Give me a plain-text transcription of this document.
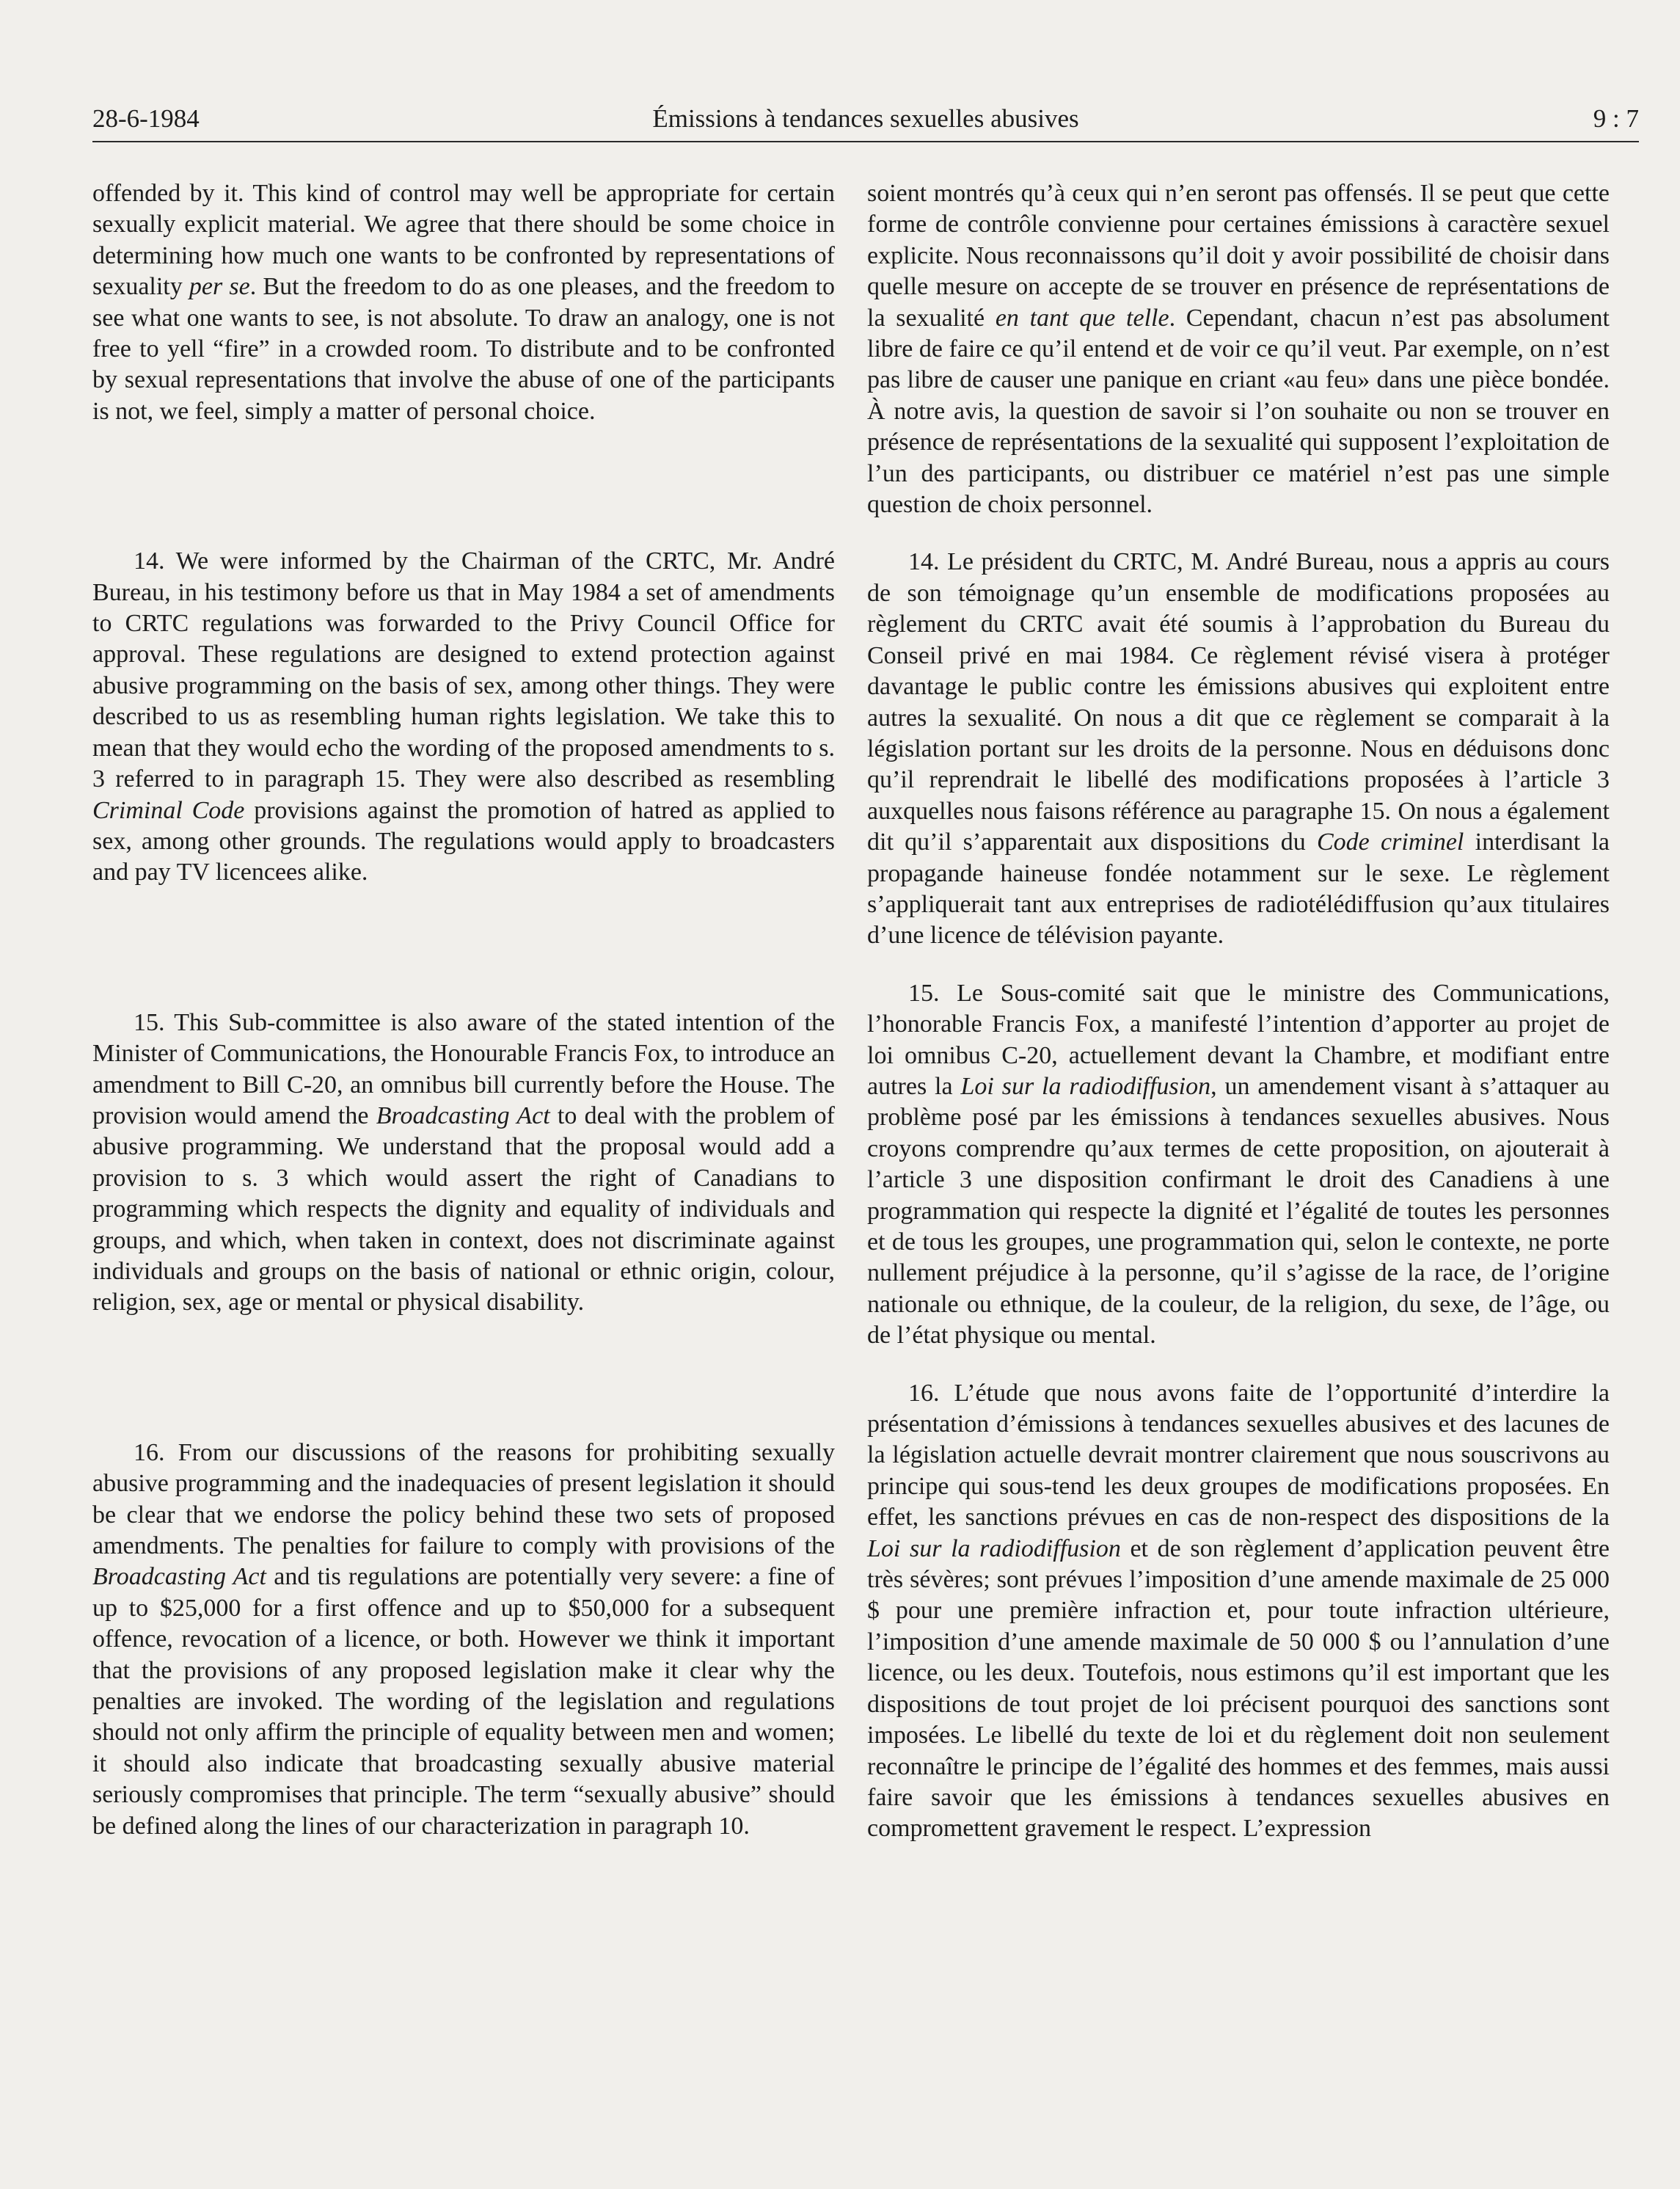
28-6-1984	Émissions à tendances sexuelles abusives	9 : 7

offended by it. This kind of control may well be appropriate for certain sexually explicit material. We agree that there should be some choice in determining how much one wants to be confronted by representations of sexuality per se. But the freedom to do as one pleases, and the freedom to see what one wants to see, is not absolute. To draw an analogy, one is not free to yell “fire” in a crowded room. To distribute and to be confronted by sexual representations that involve the abuse of one of the participants is not, we feel, simply a matter of personal choice.

14. We were informed by the Chairman of the CRTC, Mr. André Bureau, in his testimony before us that in May 1984 a set of amendments to CRTC regulations was forwarded to the Privy Council Office for approval. These regulations are designed to extend protection against abusive programming on the basis of sex, among other things. They were described to us as resembling human rights legislation. We take this to mean that they would echo the wording of the proposed amendments to s. 3 referred to in paragraph 15. They were also described as resembling Criminal Code provisions against the promotion of hatred as applied to sex, among other grounds. The regulations would apply to broadcasters and pay TV licencees alike.

15. This Sub-committee is also aware of the stated intention of the Minister of Communications, the Honourable Francis Fox, to introduce an amendment to Bill C-20, an omnibus bill currently before the House. The provision would amend the Broadcasting Act to deal with the problem of abusive programming. We understand that the proposal would add a provision to s. 3 which would assert the right of Canadians to programming which respects the dignity and equality of individuals and groups, and which, when taken in context, does not discriminate against individuals and groups on the basis of national or ethnic origin, colour, religion, sex, age or mental or physical disability.

16. From our discussions of the reasons for prohibiting sexually abusive programming and the inadequacies of present legislation it should be clear that we endorse the policy behind these two sets of proposed amendments. The penalties for failure to comply with provisions of the Broadcasting Act and tis regulations are potentially very severe: a fine of up to $25,000 for a first offence and up to $50,000 for a subsequent offence, revocation of a licence, or both. However we think it important that the provisions of any proposed legislation make it clear why the penalties are invoked. The wording of the legislation and regulations should not only affirm the principle of equality between men and women; it should also indicate that broadcasting sexually abusive material seriously compromises that principle. The term “sexually abusive” should be defined along the lines of our characterization in paragraph 10.

soient montrés qu’à ceux qui n’en seront pas offensés. Il se peut que cette forme de contrôle convienne pour certaines émissions à caractère sexuel explicite. Nous reconnaissons qu’il doit y avoir possibilité de choisir dans quelle mesure on accepte de se trouver en présence de représentations de la sexualité en tant que telle. Cependant, chacun n’est pas absolument libre de faire ce qu’il entend et de voir ce qu’il veut. Par exemple, on n’est pas libre de causer une panique en criant «au feu» dans une pièce bondée. À notre avis, la question de savoir si l’on souhaite ou non se trouver en présence de représentations de la sexualité qui supposent l’exploitation de l’un des participants, ou distribuer ce matériel n’est pas une simple question de choix personnel.

14. Le président du CRTC, M. André Bureau, nous a appris au cours de son témoignage qu’un ensemble de modifications proposées au règlement du CRTC avait été soumis à l’approbation du Bureau du Conseil privé en mai 1984. Ce règlement révisé visera à protéger davantage le public contre les émissions abusives qui exploitent entre autres la sexualité. On nous a dit que ce règlement se comparait à la législation portant sur les droits de la personne. Nous en déduisons donc qu’il reprendrait le libellé des modifications proposées à l’article 3 auxquelles nous faisons référence au paragraphe 15. On nous a également dit qu’il s’apparentait aux dispositions du Code criminel interdisant la propagande haineuse fondée notamment sur le sexe. Le règlement s’appliquerait tant aux entreprises de radiotélédiffusion qu’aux titulaires d’une licence de télévision payante.

15. Le Sous-comité sait que le ministre des Communications, l’honorable Francis Fox, a manifesté l’intention d’apporter au projet de loi omnibus C-20, actuellement devant la Chambre, et modifiant entre autres la Loi sur la radiodiffusion, un amendement visant à s’attaquer au problème posé par les émissions à tendances sexuelles abusives. Nous croyons comprendre qu’aux termes de cette proposition, on ajouterait à l’article 3 une disposition confirmant le droit des Canadiens à une programmation qui respecte la dignité et l’égalité de toutes les personnes et de tous les groupes, une programmation qui, selon le contexte, ne porte nullement préjudice à la personne, qu’il s’agisse de la race, de l’origine nationale ou ethnique, de la couleur, de la religion, du sexe, de l’âge, ou de l’état physique ou mental.

16. L’étude que nous avons faite de l’opportunité d’interdire la présentation d’émissions à tendances sexuelles abusives et des lacunes de la législation actuelle devrait montrer clairement que nous souscrivons au principe qui sous-tend les deux groupes de modifications proposées. En effet, les sanctions prévues en cas de non-respect des dispositions de la Loi sur la radiodiffusion et de son règlement d’application peuvent être très sévères; sont prévues l’imposition d’une amende maximale de 25 000 $ pour une première infraction et, pour toute infraction ultérieure, l’imposition d’une amende maximale de 50 000 $ ou l’annulation d’une licence, ou les deux. Toutefois, nous estimons qu’il est important que les dispositions de tout projet de loi précisent pourquoi des sanctions sont imposées. Le libellé du texte de loi et du règlement doit non seulement reconnaître le principe de l’égalité des hommes et des femmes, mais aussi faire savoir que les émissions à tendances sexuelles abusives en compromettent gravement le respect. L’expression
